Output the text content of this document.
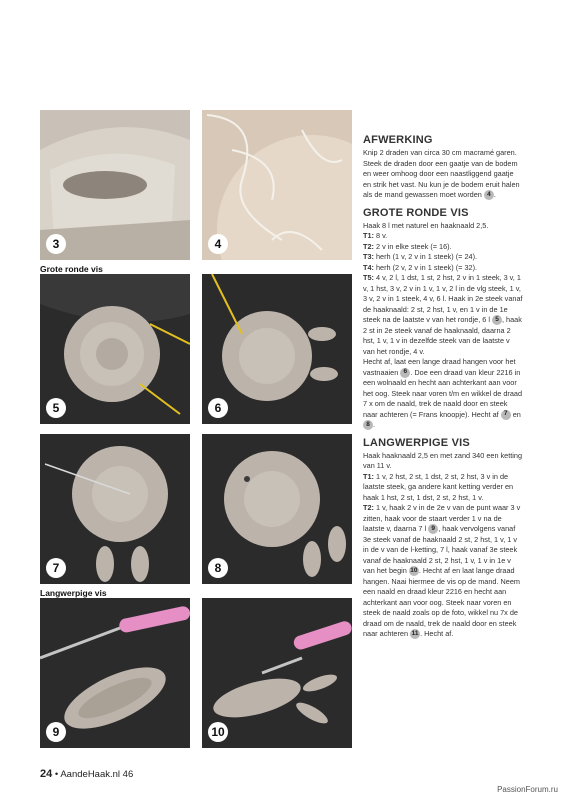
3	4
Grote ronde vis
5	6
7	8
Langwerpige vis
9	10
AFWERKING

Knip 2 draden van circa 30 cm macramé garen. Steek de draden door een gaatje van de bodem en weer omhoog door een naastliggend gaatje en strik het vast. Nu kun je de bodem eruit halen als de mand gewassen moet worden 4 .

GROTE RONDE VIS

Haak 8 l met naturel en haaknaald 2,5.

T1: 8 v.

T2: 2 v in elke steek (= 16).

T3: herh (1 v, 2 v in 1 steek) (= 24).

T4: herh (2 v, 2 v in 1 steek) (= 32).

T5: 4 v, 2 l, 1 dst, 1 st, 2 hst, 2 v in 1 steek, 3 v, 1 v, 1 hst, 3 v, 2 v in 1 v, 1 v, 2 l in de vlg steek, 1 v, 3 v, 2 v in 1 steek, 4 v, 6 l. Haak in 2e steek vanaf de haaknaald: 2 st, 2 hst, 1 v, en 1 v in de 1e steek na de laatste v van het rondje, 6 l 5 , haak 2 st in 2e steek vanaf de haaknaald, daarna 2 hst, 1 v, 1 v in dezelfde steek van de laatste v van het rondje, 4 v.

Hecht af, laat een lange draad hangen voor het vastnaaien 6 . Doe een draad van kleur 2216 in een wolnaald en hecht aan achterkant aan voor het oog. Steek naar voren t/m en wikkel de draad 7 x om de naald, trek de naald door en steek naar achteren (= Frans knoopje). Hecht af 7 en 8 .

LANGWERPIGE VIS

Haak haaknaald 2,5 en met zand 340 een ketting van 11 v.

T1: 1 v, 2 hst, 2 st, 1 dst, 2 st, 2 hst, 3 v in de laatste steek, ga andere kant ketting verder en haak 1 hst, 2 st, 1 dst, 2 st, 2 hst, 1 v.

T2: 1 v, haak 2 v in de 2e v van de punt waar 3 v zitten, haak voor de staart verder 1 v na de laatste v, daarna 7 l 9 , haak vervolgens vanaf 3e steek vanaf de haaknaald 2 st, 2 hst, 1 v, 1 v in de v van de l-ketting, 7 l, haak vanaf 3e steek vanaf de haaknaald 2 st, 2 hst, 1 v, 1 v in 1e v van het begin 10. Hecht af en laat lange draad hangen. Naai hiermee de vis op de mand. Neem een naald en draad kleur 2216 en hecht aan achterkant aan voor oog. Steek naar voren en steek de naald zoals op de foto, wikkel nu 7x de draad om de naald, trek de naald door en steek naar achteren 11 . Hecht af.

24 • AandeHaak.nl 46
PassionForum.ru
